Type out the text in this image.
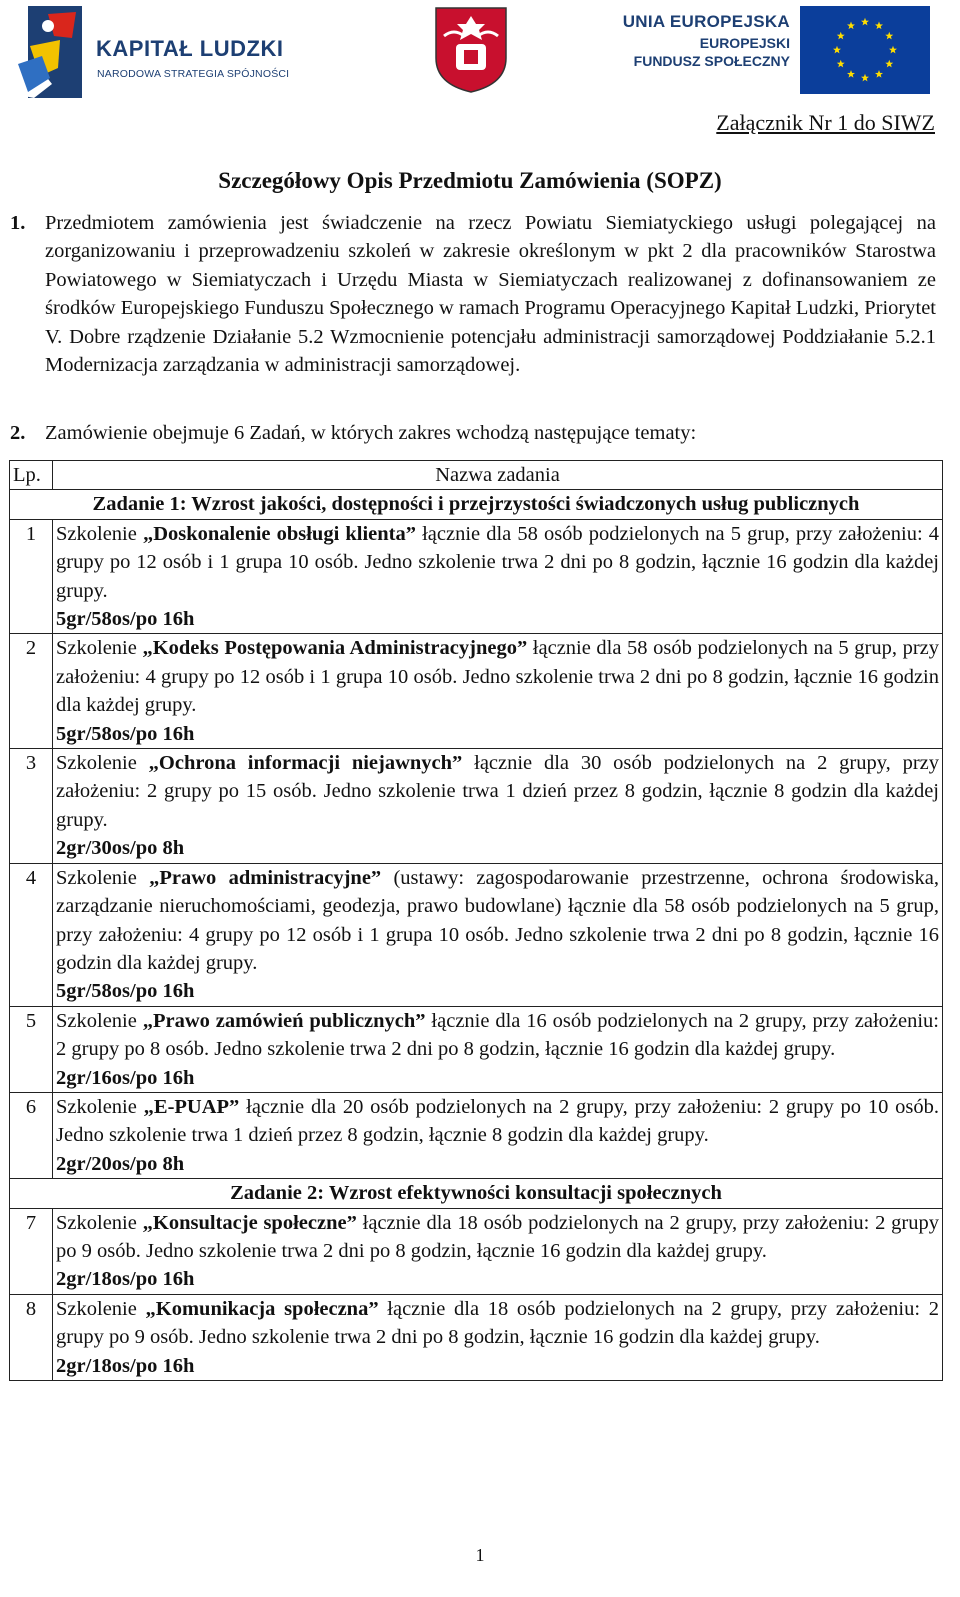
KAPITAŁ LUDZKI
NARODOWA STRATEGIA SPÓJNOŚCI
UNIA EUROPEJSKA
EUROPEJSKI
FUNDUSZ SPOŁECZNY
Załącznik Nr 1 do SIWZ
Szczegółowy Opis Przedmiotu Zamówienia (SOPZ)
1. Przedmiotem zamówienia jest świadczenie na rzecz Powiatu Siemiatyckiego usługi polegającej na zorganizowaniu i przeprowadzeniu szkoleń w zakresie określonym w pkt 2 dla pracowników Starostwa Powiatowego w Siemiatyczach i Urzędu Miasta w Siemiatyczach realizowanej z dofinansowaniem ze środków Europejskiego Funduszu Społecznego w ramach Programu Operacyjnego Kapitał Ludzki, Priorytet V. Dobre rządzenie Działanie 5.2 Wzmocnienie potencjału administracji samorządowej Poddziałanie 5.2.1 Modernizacja zarządzania w administracji samorządowej.
2. Zamówienie obejmuje 6 Zadań, w których zakres wchodzą następujące tematy:
Lp.	Nazwa zadania
Zadanie 1: Wzrost jakości, dostępności i przejrzystości świadczonych usług publicznych	
1	Szkolenie „Doskonalenie obsługi klienta” łącznie dla 58 osób podzielonych na 5 grup, przy założeniu: 4 grupy po 12 osób i 1 grupa 10 osób. Jedno szkolenie trwa 2 dni po 8 godzin, łącznie 16 godzin dla każdej grupy.
5gr/58os/po 16h

2	Szkolenie „Kodeks Postępowania Administracyjnego” łącznie dla 58 osób podzielonych na 5 grup, przy założeniu: 4 grupy po 12 osób i 1 grupa 10 osób. Jedno szkolenie trwa 2 dni po 8 godzin, łącznie 16 godzin dla każdej grupy.
5gr/58os/po 16h

3	Szkolenie „Ochrona informacji niejawnych” łącznie dla 30 osób podzielonych na 2 grupy, przy założeniu: 2 grupy po 15 osób. Jedno szkolenie trwa 1 dzień przez 8 godzin, łącznie 8 godzin dla każdej grupy.
2gr/30os/po 8h

4	Szkolenie „Prawo administracyjne” (ustawy: zagospodarowanie przestrzenne, ochrona środowiska, zarządzanie nieruchomościami, geodezja, prawo budowlane) łącznie dla 58 osób podzielonych na 5 grup, przy założeniu: 4 grupy po 12 osób i 1 grupa 10 osób. Jedno szkolenie trwa 2 dni po 8 godzin, łącznie 16 godzin dla każdej grupy.
5gr/58os/po 16h

5	Szkolenie „Prawo zamówień publicznych” łącznie dla 16 osób podzielonych na 2 grupy, przy założeniu: 2 grupy po 8 osób. Jedno szkolenie trwa 2 dni po 8 godzin, łącznie 16 godzin dla każdej grupy.
2gr/16os/po 16h

6	Szkolenie „E-PUAP” łącznie dla 20 osób podzielonych na 2 grupy, przy założeniu: 2 grupy po 10 osób. Jedno szkolenie trwa 1 dzień przez 8 godzin, łącznie 8 godzin dla każdej grupy.
2gr/20os/po 8h

Zadanie 2: Wzrost efektywności konsultacji społecznych	
7	Szkolenie „Konsultacje społeczne” łącznie dla 18 osób podzielonych na 2 grupy, przy założeniu: 2 grupy po 9 osób. Jedno szkolenie trwa 2 dni po 8 godzin, łącznie 16 godzin dla każdej grupy.
2gr/18os/po 16h

8	Szkolenie „Komunikacja społeczna” łącznie dla 18 osób podzielonych na 2 grupy, przy założeniu: 2 grupy po 9 osób. Jedno szkolenie trwa 2 dni po 8 godzin, łącznie 16 godzin dla każdej grupy.
2gr/18os/po 16h
1
